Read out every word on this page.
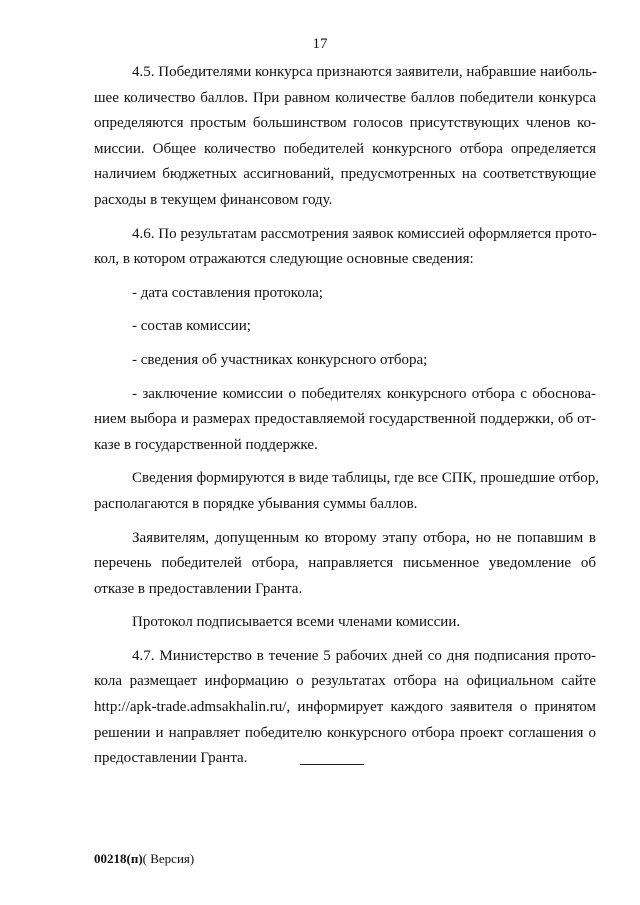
17
4.5. Победителями конкурса признаются заявители, набравшие наиболь-
шее количество баллов. При равном количестве баллов победители конкурса
определяются простым большинством голосов присутствующих членов ко-
миссии. Общее количество победителей конкурсного отбора определяется
наличием бюджетных ассигнований, предусмотренных на соответствующие
расходы в текущем финансовом году.
4.6. По результатам рассмотрения заявок комиссией оформляется прото-
кол, в котором отражаются следующие основные сведения:
- дата составления протокола;
- состав комиссии;
- сведения об участниках конкурсного отбора;
- заключение комиссии о победителях конкурсного отбора с обоснова-
нием выбора и размерах предоставляемой государственной поддержки, об от-
казе в государственной поддержке.
Сведения формируются в виде таблицы, где все СПК, прошедшие отбор,
располагаются в порядке убывания суммы баллов.
Заявителям, допущенным ко второму этапу отбора, но не попавшим в
перечень победителей отбора, направляется письменное уведомление об
отказе в предоставлении Гранта.
Протокол подписывается всеми членами комиссии.
4.7. Министерство в течение 5 рабочих дней со дня подписания прото-
кола размещает информацию о результатах отбора на официальном сайте
http://apk-trade.admsakhalin.ru/, информирует каждого заявителя о принятом
решении и направляет победителю конкурсного отбора проект соглашения о
предоставлении Гранта.
00218(п)( Версия)
